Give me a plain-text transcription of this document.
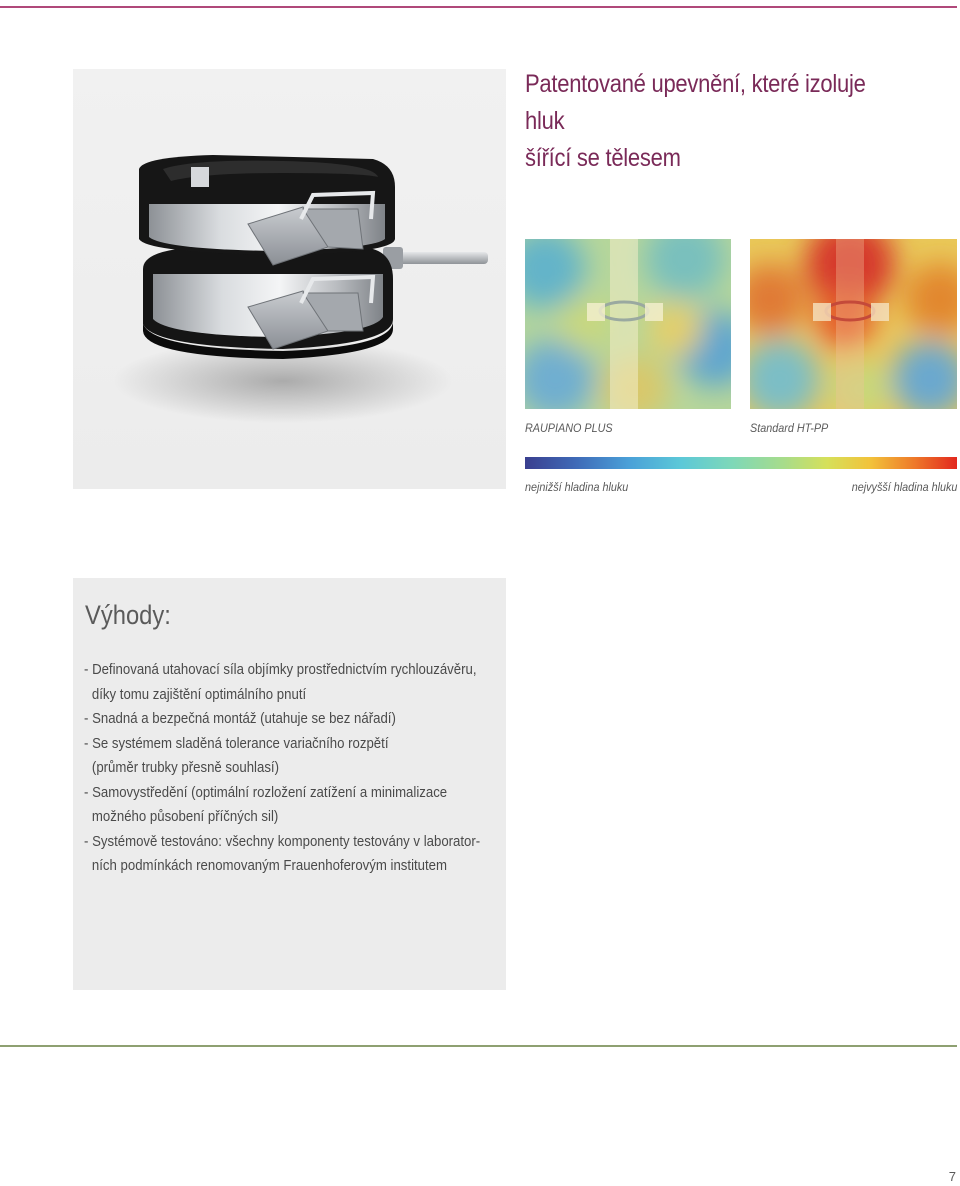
Patentované upevnění, které izoluje hluk
šířící se tělesem
RAUPIANO PLUS	Standard HT-PP
nejnižší hladina hluku	nejvyšší hladina hluku
Výhody:
- Definovaná utahovací síla objímky prostřednictvím rychlouzávěru,
díky tomu zajištění optimálního pnutí
- Snadná a bezpečná montáž (utahuje se bez nářadí)
- Se systémem sladěná tolerance variačního rozpětí
(průměr trubky přesně souhlasí)
- Samovystředění (optimální rozložení zatížení a minimalizace
možného působení příčných sil)
- Systémově testováno: všechny komponenty testovány v laborator-
ních podmínkách renomovaným Frauenhoferovým institutem
7
